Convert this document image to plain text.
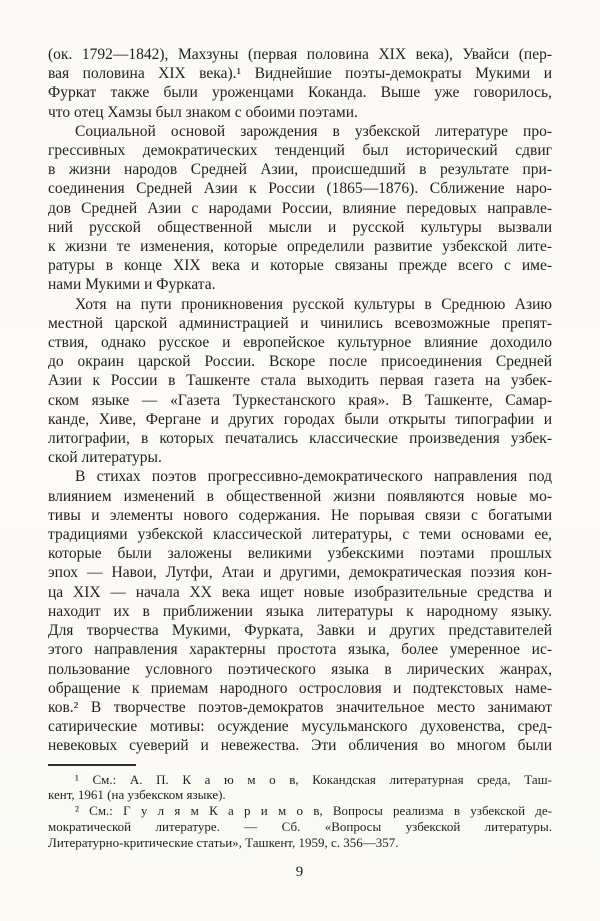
(ок. 1792—1842), Махзуны (первая половина XIX века), Увайси (пер-
вая половина XIX века).¹ Виднейшие поэты-демократы Мукими и
Фуркат также были уроженцами Коканда. Выше уже говорилось,
что отец Хамзы был знаком с обоими поэтами.

Социальной основой зарождения в узбекской литературе про-
грессивных демократических тенденций был исторический сдвиг
в жизни народов Средней Азии, происшедший в результате при-
соединения Средней Азии к России (1865—1876). Сближение наро-
дов Средней Азии с народами России, влияние передовых направле-
ний русской общественной мысли и русской культуры вызвали
к жизни те изменения, которые определили развитие узбекской лите-
ратуры в конце XIX века и которые связаны прежде всего с име-
нами Мукими и Фурката.

Хотя на пути проникновения русской культуры в Среднюю Азию
местной царской администрацией и чинились всевозможные препят-
ствия, однако русское и европейское культурное влияние доходило
до окраин царской России. Вскоре после присоединения Средней
Азии к России в Ташкенте стала выходить первая газета на узбек-
ском языке — «Газета Туркестанского края». В Ташкенте, Самар-
канде, Хиве, Фергане и других городах были открыты типографии и
литографии, в которых печатались классические произведения узбек-
ской литературы.

В стихах поэтов прогрессивно-демократического направления под
влиянием изменений в общественной жизни появляются новые мо-
тивы и элементы нового содержания. Не порывая связи с богатыми
традициями узбекской классической литературы, с теми основами ее,
которые были заложены великими узбекскими поэтами прошлых
эпох — Навои, Лутфи, Атаи и другими, демократическая поэзия кон-
ца XIX — начала XX века ищет новые изобразительные средства и
находит их в приближении языка литературы к народному языку.
Для творчества Мукими, Фурката, Завки и других представителей
этого направления характерны простота языка, более умеренное ис-
пользование условного поэтического языка в лирических жанрах,
обращение к приемам народного острословия и подтекстовых наме-
ков.² В творчестве поэтов-демократов значительное место занимают
сатирические мотивы: осуждение мусульманского духовенства, сред-
невековых суеверий и невежества. Эти обличения во многом были

¹ См.: А. П. К а ю м о в, Кокандская литературная среда, Таш-
кент, 1961 (на узбекском языке).

² См.: Г у л я м К а р и м о в, Вопросы реализма в узбекской де-
мократической литературе. — Сб. «Вопросы узбекской литературы.
Литературно-критические статьи», Ташкент, 1959, с. 356—357.

9
